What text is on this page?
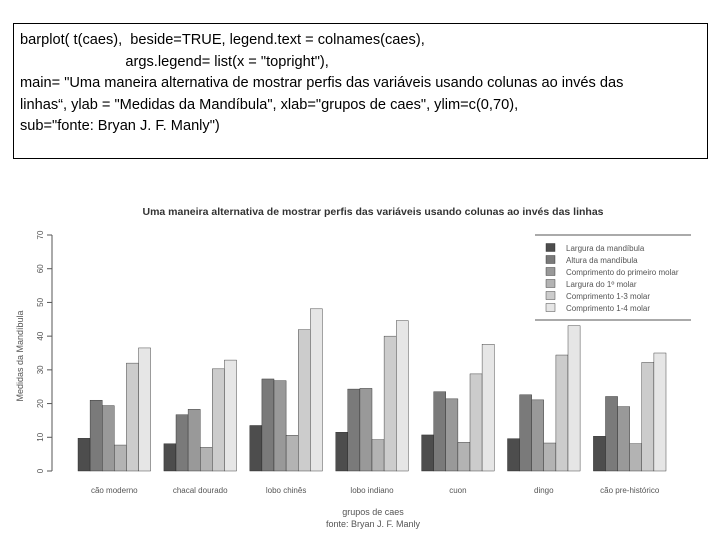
barplot( t(caes),  beside=TRUE, legend.text = colnames(caes),
args.legend= list(x = "topright"),
main= "Uma maneira alternativa de mostrar perfis das variáveis usando colunas ao invés das
linhas“, ylab = "Medidas da Mandíbula", xlab="grupos de caes", ylim=c(0,70),
sub="fonte: Bryan J. F. Manly")
Uma maneira alternativa de mostrar perfis das variáveis usando colunas ao invés das linhas
Medidas da Mandíbula
grupos de caes
fonte: Bryan J. F. Manly
0
10
20
30
40
50
60
70
cão moderno	chacal dourado	lobo chinês	lobo indiano	cuon	dingo	cão pre-histórico
Largura da mandíbula
Altura da mandíbula
Comprimento do primeiro molar
Largura do 1º molar
Comprimento 1-3 molar
Comprimento 1-4 molar
